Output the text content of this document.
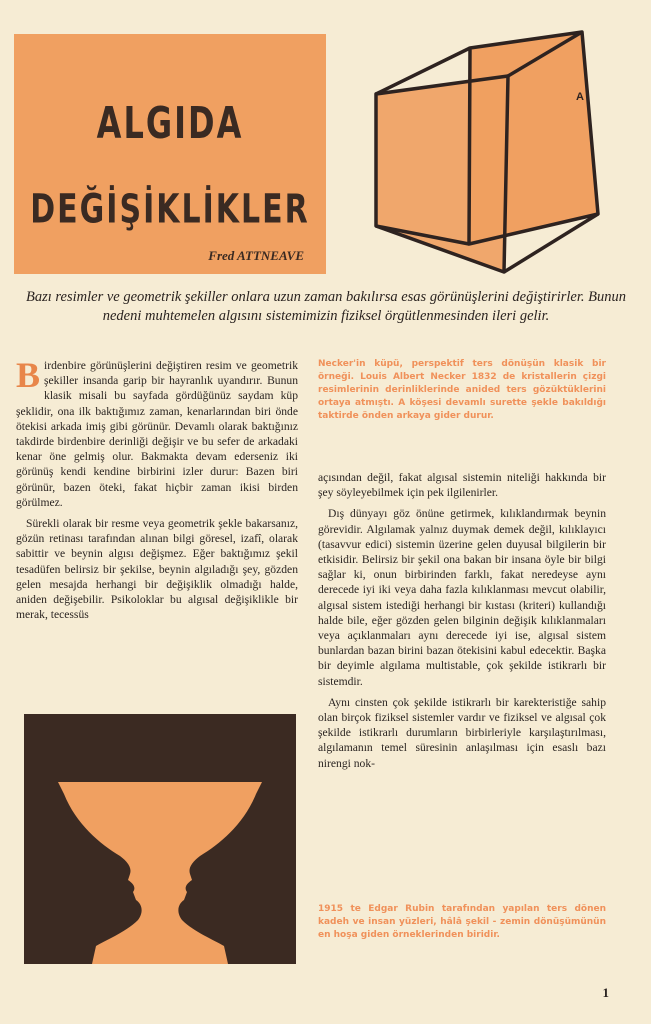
ALGIDA
DEĞİŞİKLİKLER
Fred ATTNEAVE
A
Bazı resimler ve geometrik şekiller onlara uzun zaman bakılırsa esas görünüşlerini değiştirirler. Bunun nedeni muhtemelen algısını sistemimizin fiziksel örgütlenmesinden ileri gelir.

Birdenbire görünüşlerini değiştiren resim ve geometrik şekiller insanda garip bir hayranlık uyandırır. Bunun klasik misali bu sayfada gördüğünüz saydam küp şeklidir, ona ilk baktığımız zaman, kenarlarından biri önde ötekisi arkada imiş gibi görünür. Devamlı olarak baktığınız takdirde birdenbire derinliği değişir ve bu sefer de arkadaki kenar öne gelmiş olur. Bakmakta devam ederseniz iki görünüş kendi kendine birbirini izler durur: Bazen biri görünür, bazen öteki, fakat hiçbir zaman ikisi birden görülmez.

Sürekli olarak bir resme veya geometrik şekle bakarsanız, gözün retinası tarafından alınan bilgi göresel, izafî, olarak sabittir ve beynin algısı değişmez. Eğer baktığımız şekil tesadüfen belirsiz bir şekilse, beynin algıladığı şey, gözden gelen mesajda herhangi bir değişiklik olmadığı halde, aniden değişebilir. Psikoloklar bu algısal değişiklikle bir merak, tecessüs

Necker'in küpü, perspektif ters dönüşün klasik bir örneği. Louis Albert Necker 1832 de kristallerin çizgi resimlerinin derinliklerinde anided ters gözüktüklerini ortaya atmıştı. A köşesi devamlı surette şekle bakıldığı taktirde önden arkaya gider durur.

açısından değil, fakat algısal sistemin niteliği hakkında bir şey söyleyebilmek için pek ilgilenirler.

Dış dünyayı göz önüne getirmek, kılıklandırmak beynin görevidir. Algılamak yalnız duymak demek değil, kılıklayıcı (tasavvur edici) sistemin üzerine gelen duyusal bilgilerin bir etkisidir. Belirsiz bir şekil ona bakan bir insana öyle bir bilgi sağlar ki, onun birbirinden farklı, fakat neredeyse aynı derecede iyi iki veya daha fazla kılıklanması mevcut olabilir, algısal sistem istediği herhangi bir kıstası (kriteri) kullandığı halde bile, eğer gözden gelen bilginin değişik kılıklanmaları veya açıklanmaları aynı derecede iyi ise, algısal sistem bunlardan bazan birini bazan ötekisini kabul edecektir. Başka bir deyimle algılama multistable, çok şekilde istikrarlı bir sistemdir.

Aynı cinsten çok şekilde istikrarlı bir karekteristiğe sahip olan birçok fiziksel sistemler vardır ve fiziksel ve algısal çok şekilde istikrarlı durumların birbirleriyle karşılaştırılması, algılamanın temel süresinin anlaşılması için esaslı bazı nirengi nok-

1915 te Edgar Rubin tarafından yapılan ters dönen kadeh ve insan yüzleri, hâlâ şekil - zemin dönüşümünün en hoşa giden örneklerinden biridir.
1
